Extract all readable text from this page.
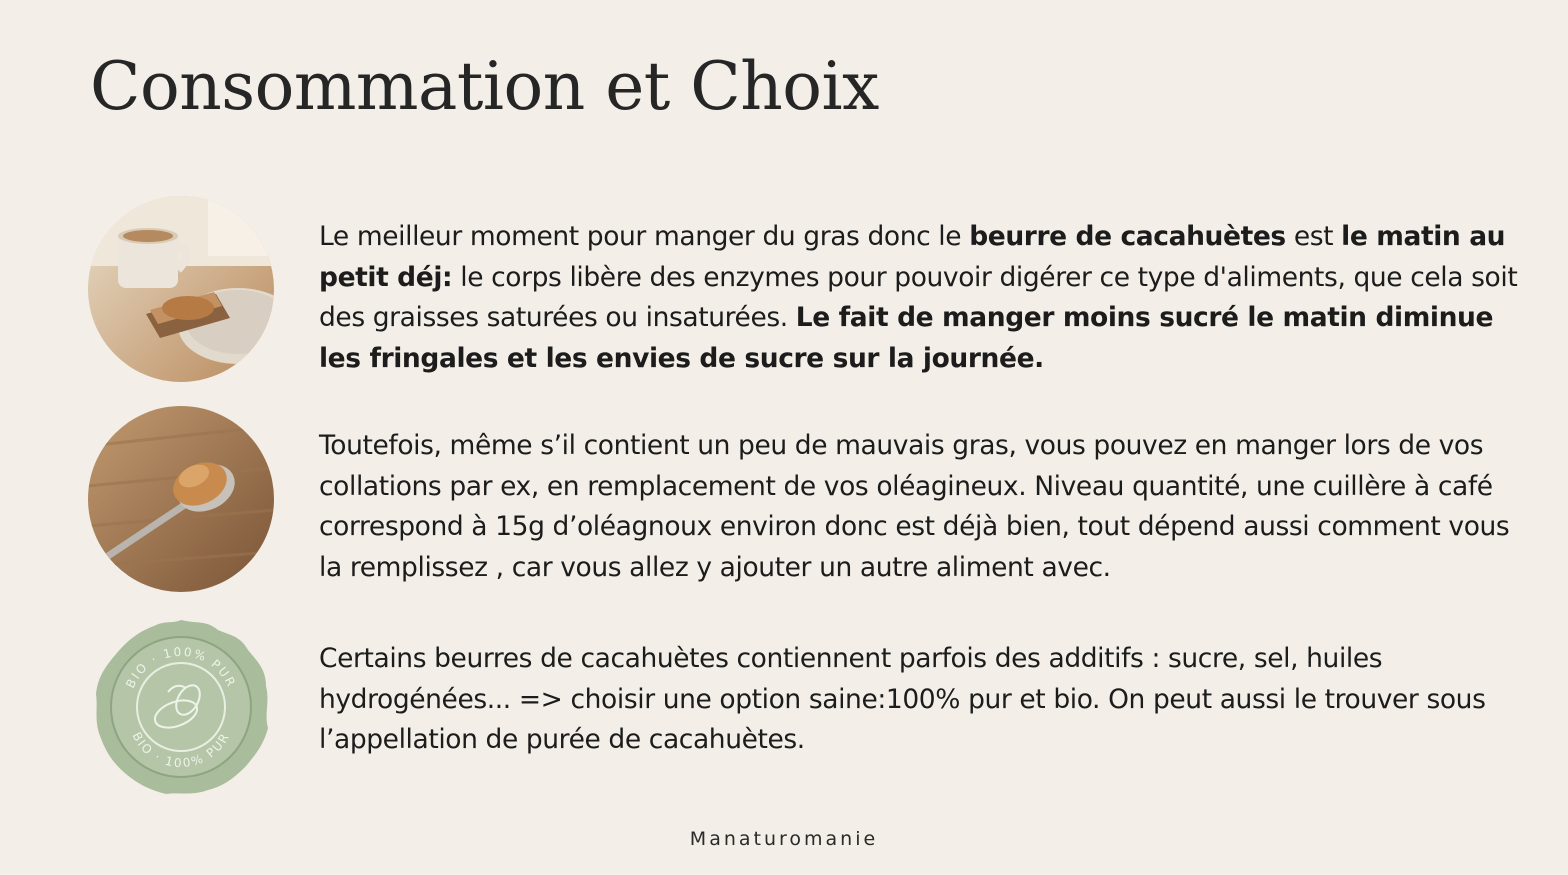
Consommation et Choix
Le meilleur moment pour manger du gras donc le beurre de cacahuètes est le matin au petit déj: le corps libère des enzymes pour pouvoir digérer ce type d'aliments, que cela soit des graisses saturées ou insaturées. Le fait de manger moins sucré le matin diminue les fringales et les envies de sucre sur la journée.
Toutefois, même s’il contient un peu de mauvais gras, vous pouvez en manger lors de vos collations par ex, en remplacement de vos oléagineux. Niveau quantité, une cuillère à café correspond à 15g d’oléagnoux environ donc est déjà bien, tout dépend aussi comment vous la remplissez , car vous allez y ajouter un autre aliment avec.
BIO · 100% PUR
BIO · 100% PUR
Certains beurres de cacahuètes contiennent parfois des additifs : sucre, sel, huiles hydrogénées... => choisir une option saine:100% pur et bio. On peut aussi le trouver sous l’appellation de purée de cacahuètes.
Manaturomanie
